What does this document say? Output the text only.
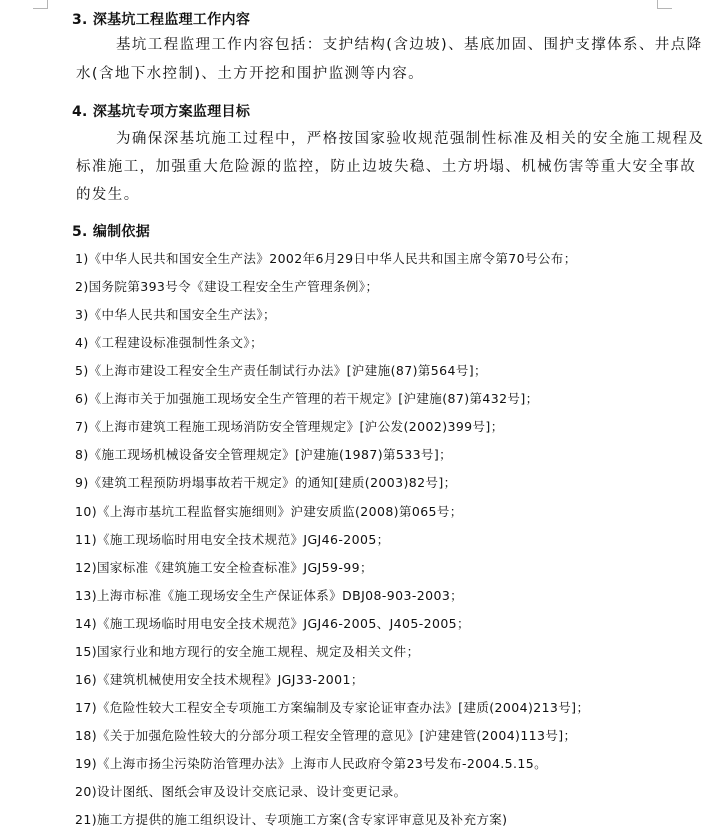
3. 深基坑工程监理工作内容
基坑工程监理工作内容包括：支护结构(含边坡)、基底加固、围护支撑体系、井点降
水(含地下水控制)、土方开挖和围护监测等内容。
4. 深基坑专项方案监理目标
为确保深基坑施工过程中，严格按国家验收规范强制性标准及相关的安全施工规程及
标准施工，加强重大危险源的监控，防止边坡失稳、土方坍塌、机械伤害等重大安全事故
的发生。
5. 编制依据
1)《中华人民共和国安全生产法》2002年6月29日中华人民共和国主席令第70号公布；
2)国务院第393号令《建设工程安全生产管理条例》；
3)《中华人民共和国安全生产法》；
4)《工程建设标准强制性条文》；
5)《上海市建设工程安全生产责任制试行办法》[沪建施(87)第564号]；
6)《上海市关于加强施工现场安全生产管理的若干规定》[沪建施(87)第432号]；
7)《上海市建筑工程施工现场消防安全管理规定》[沪公发(2002)399号]；
8)《施工现场机械设备安全管理规定》[沪建施(1987)第533号]；
9)《建筑工程预防坍塌事故若干规定》的通知[建质(2003)82号]；
10)《上海市基坑工程监督实施细则》沪建安质监(2008)第065号；
11)《施工现场临时用电安全技术规范》JGJ46-2005；
12)国家标准《建筑施工安全检查标准》JGJ59-99；
13)上海市标准《施工现场安全生产保证体系》DBJ08-903-2003；
14)《施工现场临时用电安全技术规范》JGJ46-2005、J405-2005；
15)国家行业和地方现行的安全施工规程、规定及相关文件；
16)《建筑机械使用安全技术规程》JGJ33-2001；
17)《危险性较大工程安全专项施工方案编制及专家论证审查办法》[建质(2004)213号]；
18)《关于加强危险性较大的分部分项工程安全管理的意见》[沪建建管(2004)113号]；
19)《上海市扬尘污染防治管理办法》上海市人民政府令第23号发布-2004.5.15。
20)设计图纸、图纸会审及设计交底记录、设计变更记录。
21)施工方提供的施工组织设计、专项施工方案(含专家评审意见及补充方案)
